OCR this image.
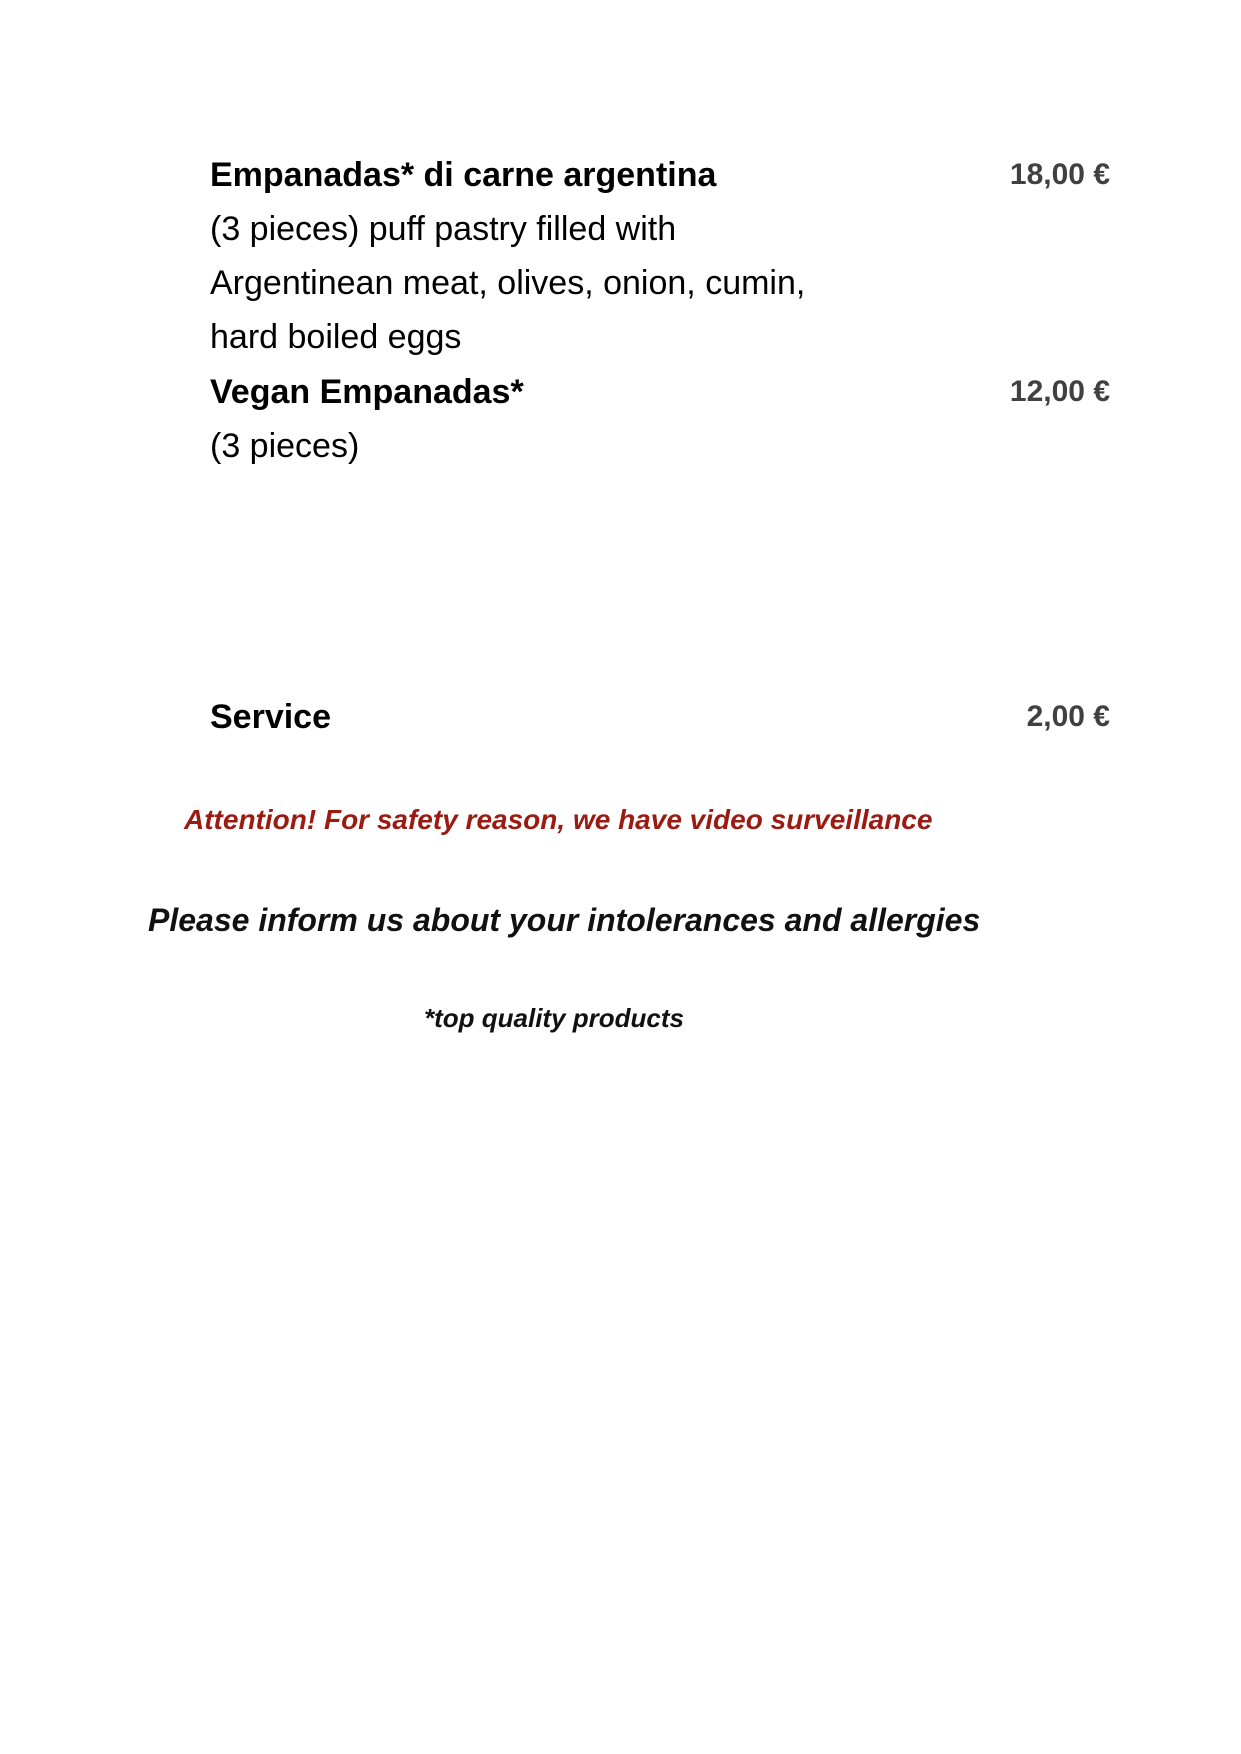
Empanadas* di carne argentina
(3 pieces) puff pastry filled with
Argentinean meat, olives, onion, cumin,
hard boiled eggs
18,00 €
Vegan Empanadas*
(3 pieces)
12,00 €
Service	2,00 €
Attention! For safety reason, we have video surveillance
Please inform us about your intolerances and allergies
*top quality products
